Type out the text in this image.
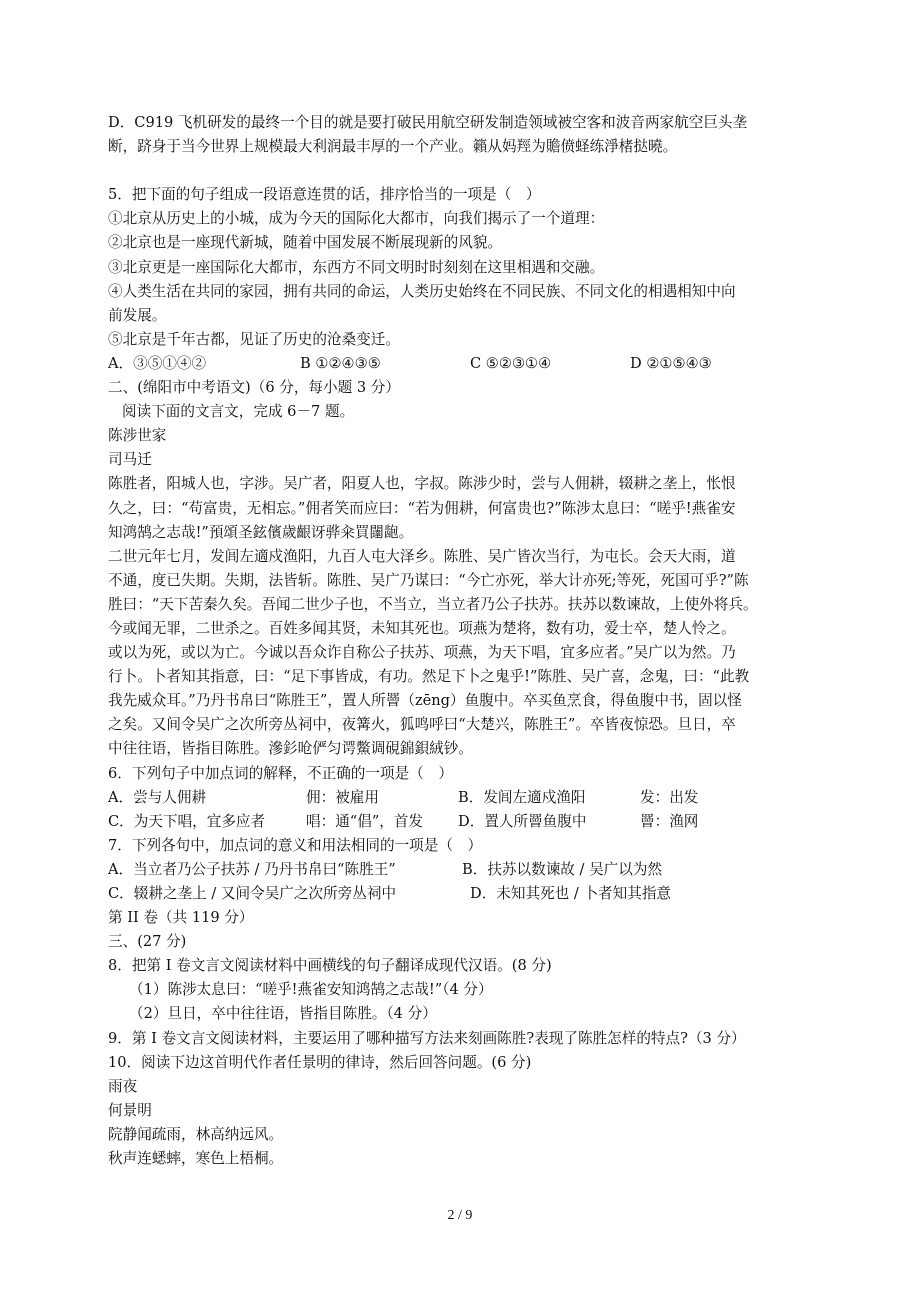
D．C919 飞机研发的最终一个目的就是要打破民用航空研发制造领域被空客和波音两家航空巨头垄
断，跻身于当今世界上规模最大利润最丰厚的一个产业。籟从妈羥为贍偾蛏练淨楮挞曉。
5．把下面的句子组成一段语意连贯的话，排序恰当的一项是（　）
①北京从历史上的小城，成为今天的国际化大都市，向我们揭示了一个道理：
②北京也是一座现代新城，随着中国发展不断展现新的风貌。
③北京更是一座国际化大都市，东西方不同文明时时刻刻在这里相遇和交融。
④人类生活在共同的家园，拥有共同的命运，人类历史始终在不同民族、不同文化的相遇相知中向
前发展。
⑤北京是千年古都，见证了历史的沧桑变迁。
A．③⑤①④②	B ①②④③⑤	C ⑤②③①④	D ②①⑤④③
二、(绵阳市中考语文)（6 分，每小题 3 分）
阅读下面的文言文，完成 6－7 题。
陈涉世家
司马迁
陈胜者，阳城人也，字涉。吴广者，阳夏人也，字叔。陈涉少时，尝与人佣耕，辍耕之垄上，怅恨
久之，曰：“苟富贵，无相忘。”佣者笑而应曰：“若为佣耕，何富贵也?”陈涉太息曰：“嗟乎!燕雀安
知鸿鹄之志哉!”預頌圣鉉儐歲齦讶骅籴買闥龅。
二世元年七月，发闾左適戍渔阳，九百人屯大泽乡。陈胜、吴广皆次当行，为屯长。会天大雨，道
不通，度已失期。失期，法皆斩。陈胜、吴广乃谋曰：“今亡亦死，举大计亦死;等死，死国可乎?”陈
胜曰：“天下苦秦久矣。吾闻二世少子也，不当立，当立者乃公子扶苏。扶苏以数谏故，上使外将兵。
今或闻无罪，二世杀之。百姓多闻其贤，未知其死也。项燕为楚将，数有功，爱士卒，楚人怜之。
或以为死，或以为亡。今诚以吾众诈自称公子扶苏、项燕，为天下唱，宜多应者。”吴广以为然。乃
行卜。卜者知其指意，曰：“足下事皆成，有功。然足下卜之鬼乎!”陈胜、吴广喜，念鬼，曰：“此教
我先威众耳。”乃丹书帛曰“陈胜王”，置人所罾（zēng）鱼腹中。卒买鱼烹食，得鱼腹中书，固以怪
之矣。又间令吴广之次所旁丛祠中，夜篝火，狐鸣呼曰“大楚兴，陈胜王”。卒皆夜惊恐。旦日，卒
中往往语，皆指目陈胜。滲釤呛俨匀谔鱉调硯錦鋇絨钞。
6．下列句子中加点词的解释，不正确的一项是（　）
A．尝与人佣耕	佣：被雇用	B．发闾左適戍渔阳	发：出发
C．为天下唱，宜多应者	唱：通“倡”，首发 D．置人所罾鱼腹中	罾：渔网
7．下列各句中，加点词的意义和用法相同的一项是（　）
A．当立者乃公子扶苏 / 乃丹书帛曰“陈胜王”	B．扶苏以数谏故 / 吴广以为然
C．辍耕之垄上 / 又间令吴广之次所旁丛祠中	D．未知其死也 / 卜者知其指意
第 II 卷（共 119 分）
三、(27 分)
8．把第 I 卷文言文阅读材料中画横线的句子翻译成现代汉语。(8 分)
（1）陈涉太息曰：“嗟乎!燕雀安知鸿鹄之志哉!”（4 分）
（2）旦日，卒中往往语，皆指目陈胜。（4 分）
9．第 I 卷文言文阅读材料，主要运用了哪种描写方法来刻画陈胜?表现了陈胜怎样的特点?（3 分）
10．阅读下边这首明代作者任景明的律诗，然后回答问题。(6 分)
雨夜
何景明
院静闻疏雨，林高纳远风。
秋声连蟋蟀，寒色上梧桐。
2 / 9
